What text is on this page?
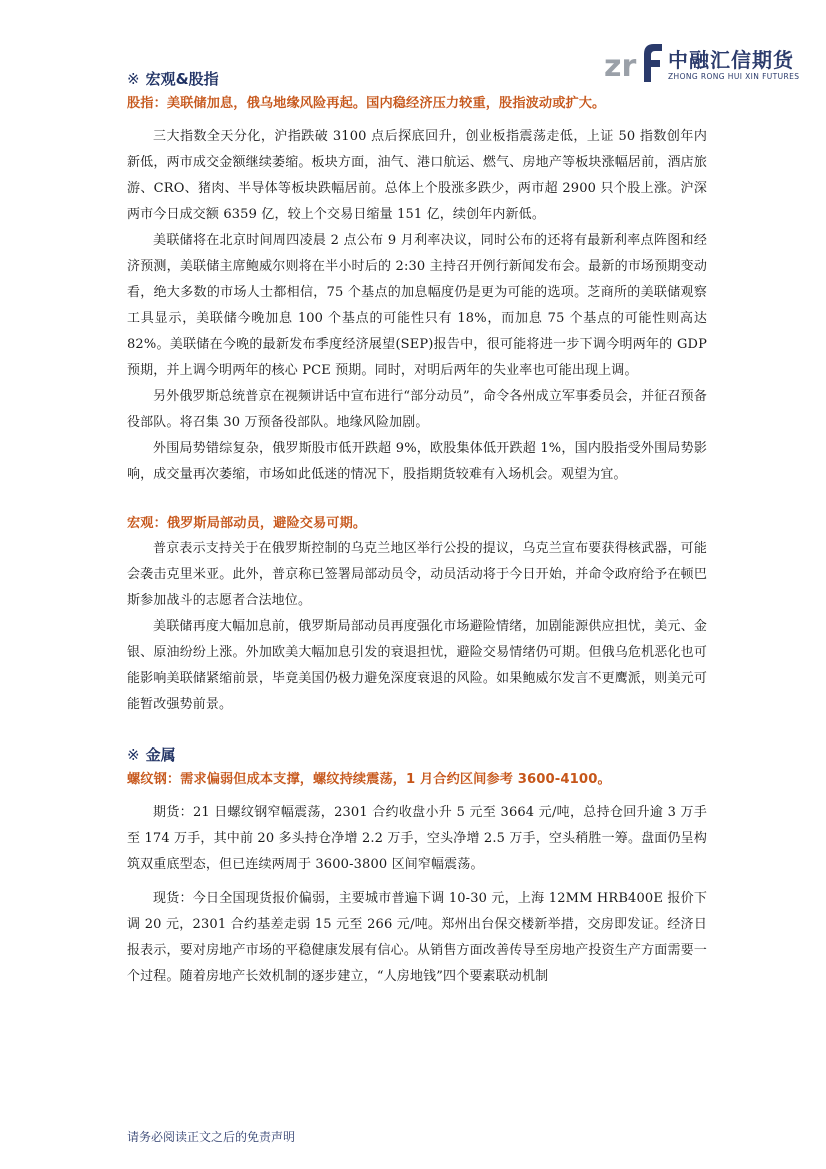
zr 中融汇信期货
ZHONG RONG HUI XIN FUTURES
※ 宏观&股指
股指：美联储加息，俄乌地缘风险再起。国内稳经济压力较重，股指波动或扩大。

三大指数全天分化，沪指跌破 3100 点后探底回升，创业板指震荡走低，上证 50 指数创年内新低，两市成交金额继续萎缩。板块方面，油气、港口航运、燃气、房地产等板块涨幅居前，酒店旅游、CRO、猪肉、半导体等板块跌幅居前。总体上个股涨多跌少，两市超 2900 只个股上涨。沪深两市今日成交额 6359 亿，较上个交易日缩量 151 亿，续创年内新低。

美联储将在北京时间周四凌晨 2 点公布 9 月利率决议，同时公布的还将有最新利率点阵图和经济预测，美联储主席鲍威尔则将在半小时后的 2:30 主持召开例行新闻发布会。最新的市场预期变动看，绝大多数的市场人士都相信，75 个基点的加息幅度仍是更为可能的选项。芝商所的美联储观察工具显示，美联储今晚加息 100 个基点的可能性只有 18%，而加息 75 个基点的可能性则高达 82%。美联储在今晚的最新发布季度经济展望(SEP)报告中，很可能将进一步下调今明两年的 GDP 预期，并上调今明两年的核心 PCE 预期。同时，对明后两年的失业率也可能出现上调。

另外俄罗斯总统普京在视频讲话中宣布进行“部分动员”，命令各州成立军事委员会，并征召预备役部队。将召集 30 万预备役部队。地缘风险加剧。

外围局势错综复杂，俄罗斯股市低开跌超 9%，欧股集体低开跌超 1%，国内股指受外围局势影响，成交量再次萎缩，市场如此低迷的情况下，股指期货较难有入场机会。观望为宜。

宏观：俄罗斯局部动员，避险交易可期。

普京表示支持关于在俄罗斯控制的乌克兰地区举行公投的提议，乌克兰宣布要获得核武器，可能会袭击克里米亚。此外，普京称已签署局部动员令，动员活动将于今日开始，并命令政府给予在顿巴斯参加战斗的志愿者合法地位。

美联储再度大幅加息前，俄罗斯局部动员再度强化市场避险情绪，加剧能源供应担忧，美元、金银、原油纷纷上涨。外加欧美大幅加息引发的衰退担忧，避险交易情绪仍可期。但俄乌危机恶化也可能影响美联储紧缩前景，毕竟美国仍极力避免深度衰退的风险。如果鲍威尔发言不更鹰派，则美元可能暂改强势前景。

※ 金属
螺纹钢：需求偏弱但成本支撑，螺纹持续震荡，1 月合约区间参考 3600-4100。

期货：21 日螺纹钢窄幅震荡，2301 合约收盘小升 5 元至 3664 元/吨，总持仓回升逾 3 万手至 174 万手，其中前 20 多头持仓净增 2.2 万手，空头净增 2.5 万手，空头稍胜一筹。盘面仍呈构筑双重底型态，但已连续两周于 3600-3800 区间窄幅震荡。

现货：今日全国现货报价偏弱，主要城市普遍下调 10-30 元，上海 12MM HRB400E 报价下调 20 元，2301 合约基差走弱 15 元至 266 元/吨。郑州出台保交楼新举措，交房即发证。经济日报表示，要对房地产市场的平稳健康发展有信心。从销售方面改善传导至房地产投资生产方面需要一个过程。随着房地产长效机制的逐步建立，“人房地钱”四个要素联动机制

请务必阅读正文之后的免责声明
